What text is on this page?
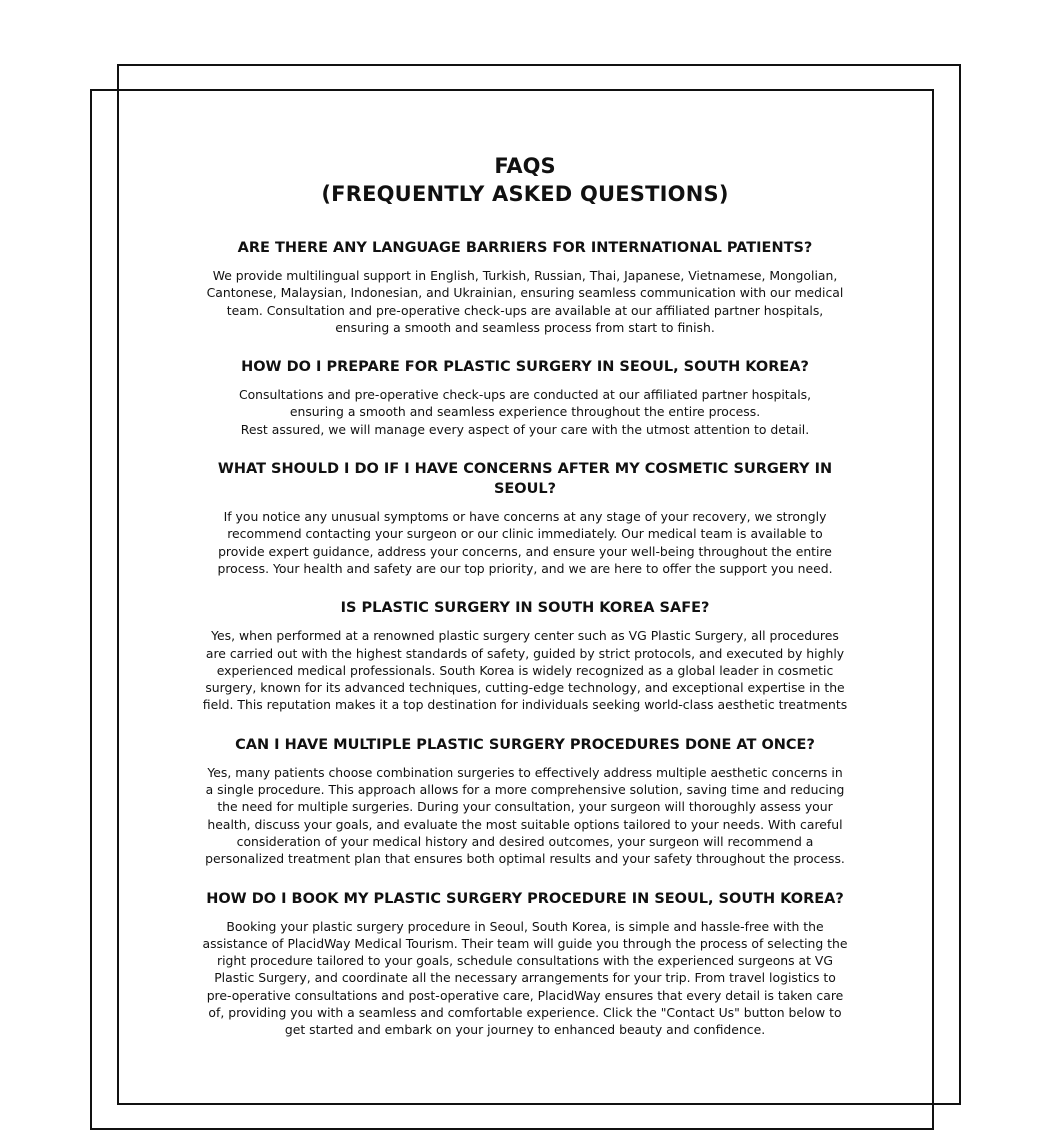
FAQS
(FREQUENTLY ASKED QUESTIONS)
ARE THERE ANY LANGUAGE BARRIERS FOR INTERNATIONAL PATIENTS?

We provide multilingual support in English, Turkish, Russian, Thai, Japanese, Vietnamese, Mongolian,
Cantonese, Malaysian, Indonesian, and Ukrainian, ensuring seamless communication with our medical
team. Consultation and pre-operative check-ups are available at our affiliated partner hospitals,
ensuring a smooth and seamless process from start to finish.

HOW DO I PREPARE FOR PLASTIC SURGERY IN SEOUL, SOUTH KOREA?

Consultations and pre-operative check-ups are conducted at our affiliated partner hospitals,
ensuring a smooth and seamless experience throughout the entire process.
Rest assured, we will manage every aspect of your care with the utmost attention to detail.

WHAT SHOULD I DO IF I HAVE CONCERNS AFTER MY COSMETIC SURGERY IN SEOUL?

If you notice any unusual symptoms or have concerns at any stage of your recovery, we strongly
recommend contacting your surgeon or our clinic immediately. Our medical team is available to
provide expert guidance, address your concerns, and ensure your well-being throughout the entire
process. Your health and safety are our top priority, and we are here to offer the support you need.

IS PLASTIC SURGERY IN SOUTH KOREA SAFE?

Yes, when performed at a renowned plastic surgery center such as VG Plastic Surgery, all procedures
are carried out with the highest standards of safety, guided by strict protocols, and executed by highly
experienced medical professionals. South Korea is widely recognized as a global leader in cosmetic
surgery, known for its advanced techniques, cutting-edge technology, and exceptional expertise in the
field. This reputation makes it a top destination for individuals seeking world-class aesthetic treatments

CAN I HAVE MULTIPLE PLASTIC SURGERY PROCEDURES DONE AT ONCE?

Yes, many patients choose combination surgeries to effectively address multiple aesthetic concerns in
a single procedure. This approach allows for a more comprehensive solution, saving time and reducing
the need for multiple surgeries. During your consultation, your surgeon will thoroughly assess your
health, discuss your goals, and evaluate the most suitable options tailored to your needs. With careful
consideration of your medical history and desired outcomes, your surgeon will recommend a
personalized treatment plan that ensures both optimal results and your safety throughout the process.

HOW DO I BOOK MY PLASTIC SURGERY PROCEDURE IN SEOUL, SOUTH KOREA?

Booking your plastic surgery procedure in Seoul, South Korea, is simple and hassle-free with the
assistance of PlacidWay Medical Tourism. Their team will guide you through the process of selecting the
right procedure tailored to your goals, schedule consultations with the experienced surgeons at VG
Plastic Surgery, and coordinate all the necessary arrangements for your trip. From travel logistics to
pre-operative consultations and post-operative care, PlacidWay ensures that every detail is taken care
of, providing you with a seamless and comfortable experience. Click the "Contact Us" button below to
get started and embark on your journey to enhanced beauty and confidence.
